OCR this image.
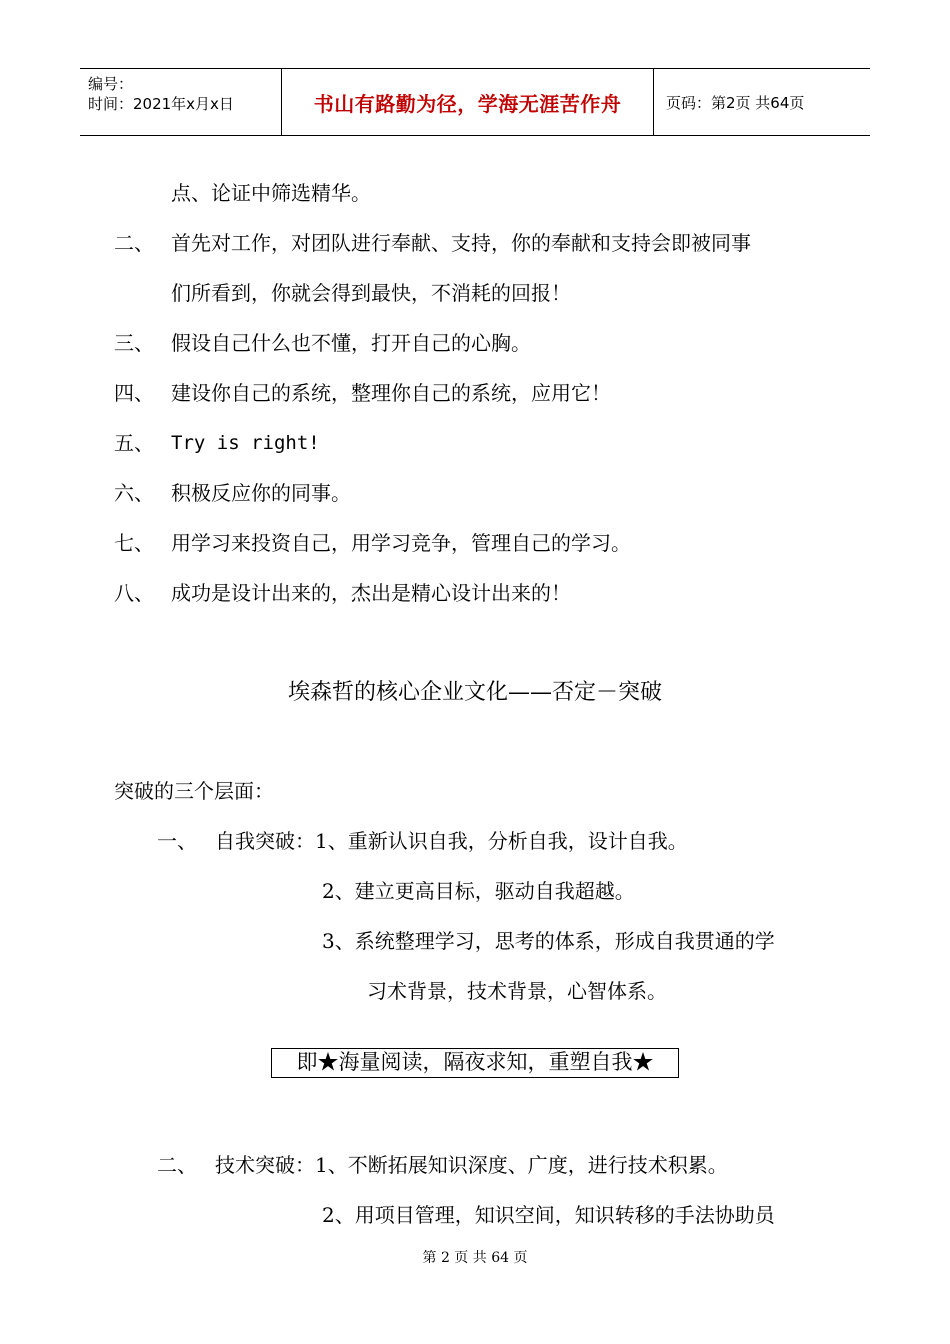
编号：
时间：2021年x月x日	书山有路勤为径，学海无涯苦作舟	页码：第2页 共64页
点、论证中筛选精华。
二、 首先对工作，对团队进行奉献、支持，你的奉献和支持会即被同事
们所看到，你就会得到最快，不消耗的回报！
三、 假设自己什么也不懂，打开自己的心胸。
四、 建设你自己的系统，整理你自己的系统，应用它！
五、 Try is right!
六、 积极反应你的同事。
七、 用学习来投资自己，用学习竞争，管理自己的学习。
八、 成功是设计出来的，杰出是精心设计出来的！
埃森哲的核心企业文化——否定－突破
突破的三个层面：
一、 自我突破：1、重新认识自我，分析自我，设计自我。
2、建立更高目标，驱动自我超越。
3、系统整理学习，思考的体系，形成自我贯通的学
习术背景，技术背景，心智体系。
即★海量阅读，隔夜求知，重塑自我★
二、 技术突破：1、不断拓展知识深度、广度，进行技术积累。
2、用项目管理，知识空间，知识转移的手法协助员
第 2 页 共 64 页
